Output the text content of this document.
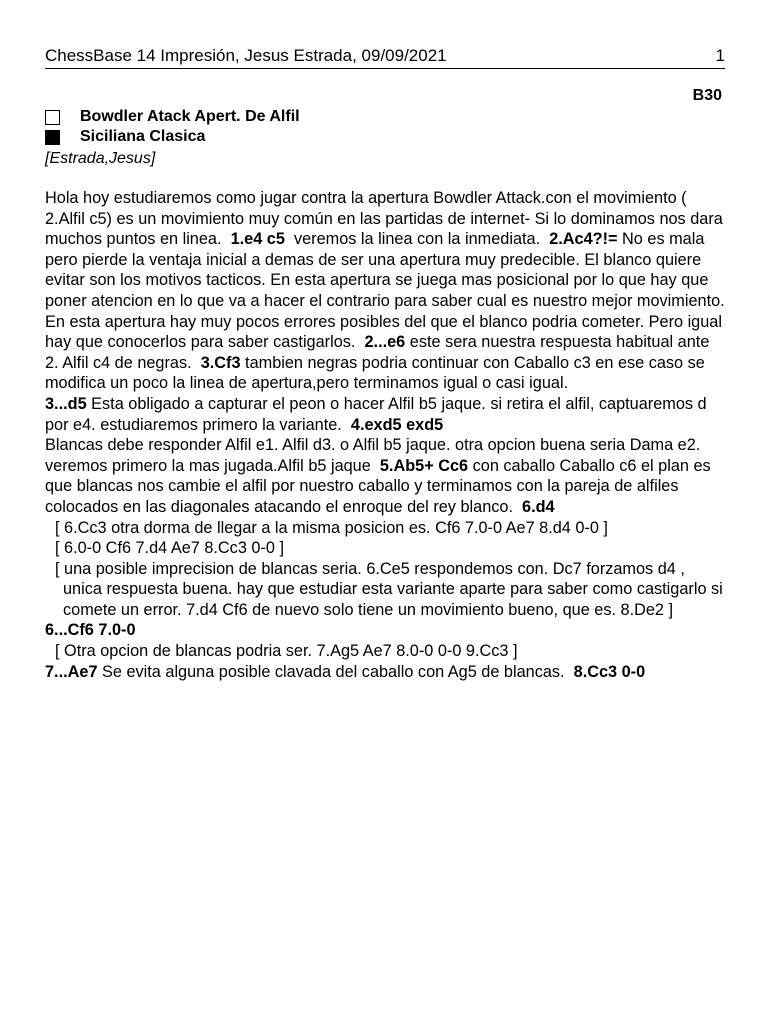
ChessBase 14 Impresión, Jesus Estrada, 09/09/2021	1
B30
Bowdler Atack Apert. De Alfil
Siciliana Clasica
[Estrada,Jesus]

Hola hoy estudiaremos como jugar contra la apertura Bowdler Attack.con el movimiento ( 2.Alfil c5) es un movimiento muy común en las partidas de internet- Si lo dominamos nos dara muchos puntos en linea. 1.e4 c5 veremos la linea con la inmediata. 2.Ac4?!= No es mala pero pierde la ventaja inicial a demas de ser una apertura muy predecible. El blanco quiere evitar son los motivos tacticos. En esta apertura se juega mas posicional por lo que hay que poner atencion en lo que va a hacer el contrario para saber cual es nuestro mejor movimiento. En esta apertura hay muy pocos errores posibles del que el blanco podria cometer. Pero igual hay que conocerlos para saber castigarlos. 2...e6 este sera nuestra respuesta habitual ante 2. Alfil c4 de negras. 3.Cf3 tambien negras podria continuar con Caballo c3 en ese caso se modifica un poco la linea de apertura,pero terminamos igual o casi igual.
3...d5 Esta obligado a capturar el peon o hacer Alfil b5 jaque. si retira el alfil, captuaremos d por e4. estudiaremos primero la variante. 4.exd5 exd5
Blancas debe responder Alfil e1. Alfil d3. o Alfil b5 jaque. otra opcion buena seria Dama e2. veremos primero la mas jugada.Alfil b5 jaque 5.Ab5+ Cc6 con caballo Caballo c6 el plan es que blancas nos cambie el alfil por nuestro caballo y terminamos con la pareja de alfiles colocados en las diagonales atacando el enroque del rey blanco. 6.d4

[ 6.Cc3 otra dorma de llegar a la misma posicion es. Cf6 7.0-0 Ae7 8.d4 0-0 ]

[ 6.0-0 Cf6 7.d4 Ae7 8.Cc3 0-0 ]

[ una posible imprecision de blancas seria. 6.Ce5 respondemos con. Dc7 forzamos d4 , unica respuesta buena. hay que estudiar esta variante aparte para saber como castigarlo si comete un error. 7.d4 Cf6 de nuevo solo tiene un movimiento bueno, que es. 8.De2 ]

6...Cf6 7.0-0

[ Otra opcion de blancas podria ser. 7.Ag5 Ae7 8.0-0 0-0 9.Cc3 ]

7...Ae7 Se evita alguna posible clavada del caballo con Ag5 de blancas. 8.Cc3 0-0
